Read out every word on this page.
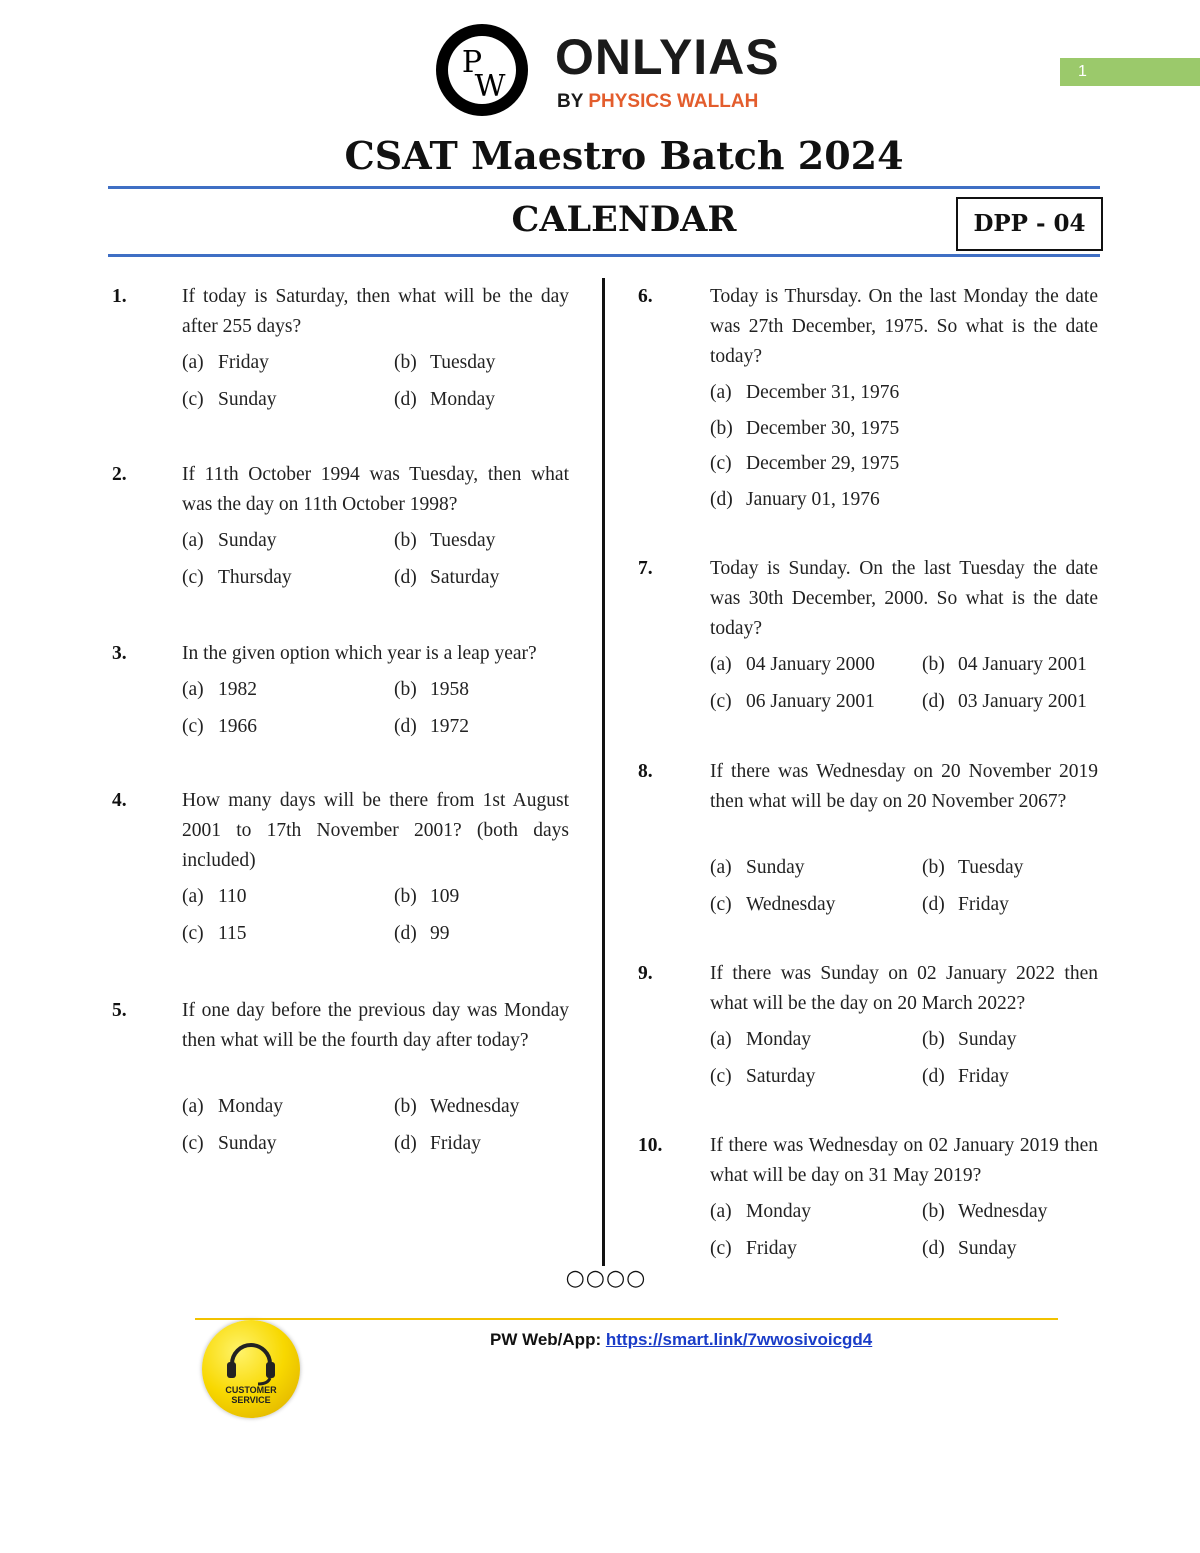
P
W
ONLYIAS
BY PHYSICS WALLAH
1
CSAT Maestro Batch 2024
CALENDAR	DPP - 04
1.	If today is Saturday, then what will be the day after 255 days?
(a) Friday	(b) Tuesday
(c) Sunday	(d) Monday
2.	If 11th October 1994 was Tuesday, then what was the day on 11th October 1998?
(a) Sunday	(b) Tuesday
(c) Thursday	(d) Saturday
3.	In the given option which year is a leap year?
(a) 1982	(b) 1958
(c) 1966	(d) 1972
4.	How many days will be there from 1st August 2001 to 17th November 2001? (both days included)
(a) 110	(b) 109
(c) 115	(d) 99
5.	If one day before the previous day was Monday then what will be the fourth day after today?
(a) Monday	(b) Wednesday
(c) Sunday	(d) Friday
6.	Today is Thursday. On the last Monday the date was 27th December, 1975. So what is the date today?
(a) December 31, 1976
(b) December 30, 1975
(c) December 29, 1975
(d) January 01, 1976
7.	Today is Sunday. On the last Tuesday the date was 30th December, 2000. So what is the date today?
(a) 04 January 2000 (b) 04 January 2001
(c) 06 January 2001 (d) 03 January 2001
8.	If there was Wednesday on 20 November 2019 then what will be day on 20 November 2067?
(a) Sunday	(b) Tuesday
(c) Wednesday	(d) Friday
9.	If there was Sunday on 02 January 2022 then what will be the day on 20 March 2022?
(a) Monday	(b) Sunday
(c) Saturday	(d) Friday
10. If there was Wednesday on 02 January 2019 then what will be day on 31 May 2019?
(a) Monday	(b) Wednesday
(c) Friday	(d) Sunday
○○○○
CUSTOMER
SERVICE
PW Web/App: https://smart.link/7wwosivoicgd4
